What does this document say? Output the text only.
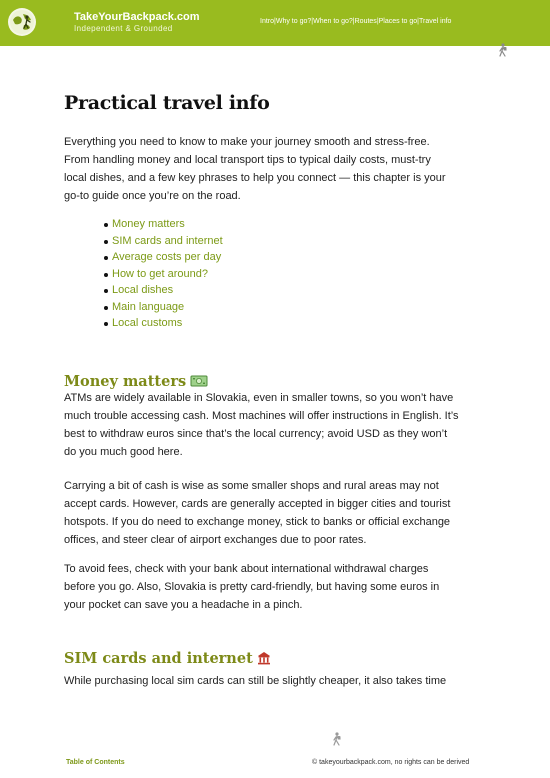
TakeYourBackpack.com
Independent & Grounded
Intro|Why to go?|When to go?|Routes|Places to go|Travel info
Practical travel info
Everything you need to know to make your journey smooth and stress-free.
From handling money and local transport tips to typical daily costs, must-try
local dishes, and a few key phrases to help you connect — this chapter is your
go-to guide once you’re on the road.
Money matters
SIM cards and internet
Average costs per day
How to get around?
Local dishes
Main language
Local customs
Money matters
ATMs are widely available in Slovakia, even in smaller towns, so you won’t have
much trouble accessing cash. Most machines will offer instructions in English. It’s
best to withdraw euros since that’s the local currency; avoid USD as they won’t
do you much good here.
Carrying a bit of cash is wise as some smaller shops and rural areas may not
accept cards. However, cards are generally accepted in bigger cities and tourist
hotspots. If you do need to exchange money, stick to banks or official exchange
offices, and steer clear of airport exchanges due to poor rates.
To avoid fees, check with your bank about international withdrawal charges
before you go. Also, Slovakia is pretty card-friendly, but having some euros in
your pocket can save you a headache in a pinch.
SIM cards and internet
While purchasing local sim cards can still be slightly cheaper, it also takes time
Table of Contents	© takeyourbackpack.com, no rights can be derived
